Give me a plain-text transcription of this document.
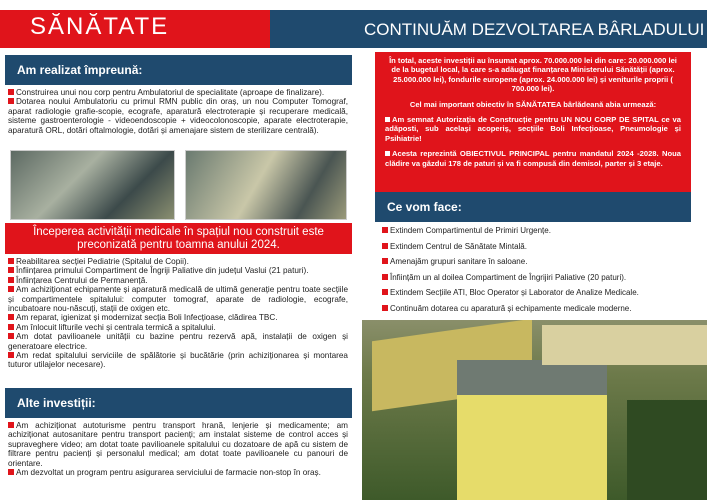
SĂNĂTATE	CONTINUĂM DEZVOLTAREA BÂRLADULUI
Am realizat împreună:

Construirea unui nou corp pentru Ambulatoriul de specialitate (aproape de finalizare).

Dotarea noului Ambulatoriu cu primul RMN public din oraș, un nou Computer Tomograf, aparat radiologie grafie-scopie, ecografe, aparatură electroterapie și recuperare medicală, sisteme gastroenterologie - videoendoscopie + videocolonoscopie, aparate electroterapie, aparatură ORL, dotări oftalmologie, dotări și amenajare sistem de sterilizare centrală).

Începerea activității medicale în spațiul nou construit este preconizată pentru toamna anului 2024.

Reabilitarea secției Pediatrie (Spitalul de Copii).

Înființarea primului Compartiment de Îngriji Paliative din județul Vaslui (21 paturi).

Înființarea Centrului de Permanență.

Am achiziționat echipamente și aparatură medicală de ultimă generație pentru toate secțiile și compartimentele spitalului: computer tomograf, aparate de radiologie, ecografe, incubatoare nou-născuți, stații de oxigen etc.

Am reparat, igienizat și modernizat secția Boli Infecțioase, clădirea TBC.

Am înlocuit lifturile vechi și centrala termică a spitalului.

Am dotat pavilioanele unității cu bazine pentru rezervă apă, instalații de oxigen și generatoare electrice.

Am redat spitalului serviciile de spălătorie și bucătărie (prin achiziționarea și montarea tuturor utilajelor necesare).

Alte investiții:

Am achiziționat autoturisme pentru transport hrană, lenjerie și medicamente; am achiziționat autosanitare pentru transport pacienți; am instalat sisteme de control acces și supraveghere video; am dotat toate pavilioanele spitalului cu dozatoare de apă cu sistem de filtrare pentru pacienți și personalul medical; am dotat toate pavilioanele cu panouri de orientare.

Am dezvoltat un program pentru asigurarea serviciului de farmacie non-stop în oraș.

În total, aceste investiții au însumat aprox. 70.000.000 lei din care: 20.000.000 lei de la bugetul local, la care s-a adăugat finanțarea Ministerului Sănătății (aprox. 25.000.000 lei), fondurile europene (aprox. 24.000.000 lei) și veniturile proprii ( 700.000 lei).

Cel mai important obiectiv în SĂNĂTATEA bârlădeană abia urmează:

Am semnat Autorizația de Construcție pentru UN NOU CORP DE SPITAL ce va adăposti, sub același acoperiș, secțiile Boli Infecțioase, Pneumologie și Psihiatrie!

Acesta reprezintă OBIECTIVUL PRINCIPAL pentru mandatul 2024 -2028. Noua clădire va găzdui 178 de paturi și va fi compusă din demisol, parter și 3 etaje.

Ce vom face:
Extindem Compartimentul de Primiri Urgențe.
Extindem Centrul de Sănătate Mintală.
Amenajăm grupuri sanitare în saloane.
Înființăm un al doilea Compartiment de Îngrijiri Paliative (20 paturi).
Extindem Secțiile ATI, Bloc Operator și Laborator de Analize Medicale.
Continuăm dotarea cu aparatură și echipamente medicale moderne.
